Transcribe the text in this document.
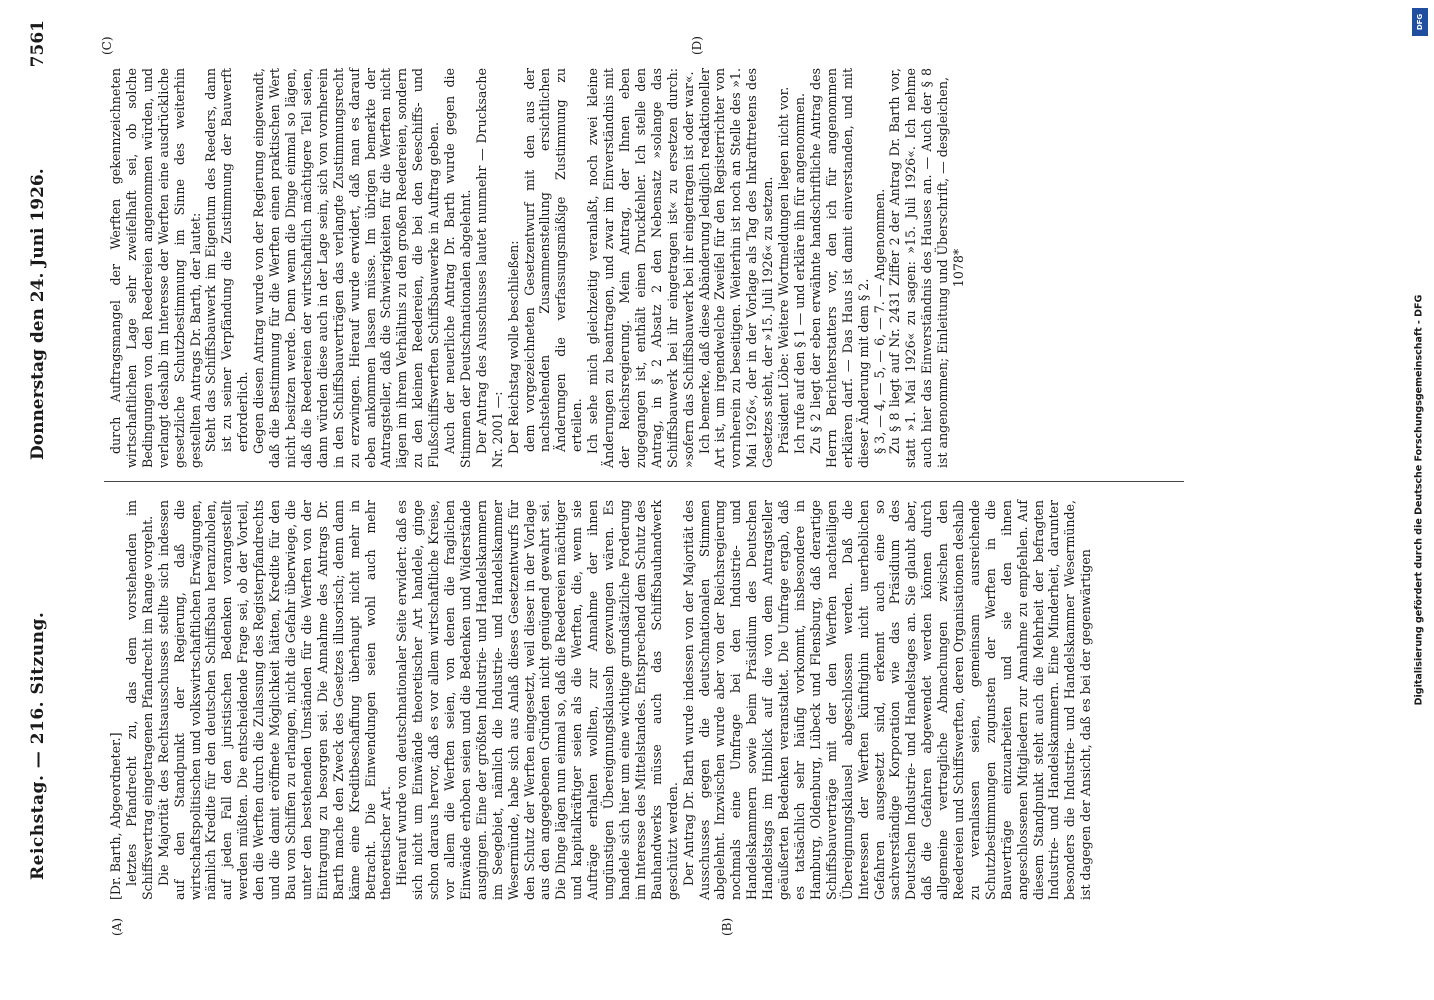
Reichstag. — 216. Sitzung.
Donnerstag den 24. Juni 1926.
7561
(A)	(B)
(C)	(D)

[Dr. Barth, Abgeordneter.] letztes Pfandrecht zu, das dem vorstehenden im Schiffsvertrag eingetragenen Pfandrecht im Range vorgeht. Die Majorität des Rechtsausschusses stellte sich indessen auf den Standpunkt der Regierung, daß die wirtschaftspolitischen und volkswirtschaftlichen Erwägungen, nämlich Kredite für den deutschen Schiffsbau heranzuholen, auf jeden Fall den juristischen Bedenken vorangestellt werden müßten. Die entscheidende Frage sei, ob der Vorteil, den die Werften durch die Zulassung des Registerpfandrechts und die damit eröffnete Möglichkeit hätten, Kredite für den Bau von Schiffen zu erlangen, nicht die Gefahr überwiege, die unter den bestehenden Umständen für die Werften von der Eintragung zu besorgen sei. Die Annahme des Antrags Dr. Barth mache den Zweck des Gesetzes illusorisch; denn dann käme eine Kreditbeschaffung überhaupt nicht mehr in Betracht. Die Einwendungen seien wohl auch mehr theoretischer Art. Hierauf wurde von deutschnationaler Seite erwidert: daß es sich nicht um Einwände theoretischer Art handele, ginge schon daraus hervor, daß es vor allem wirtschaftliche Kreise, vor allem die Werften seien, von denen die fraglichen Einwände erhoben seien und die Bedenken und Widerstände ausgingen. Eine der größten Industrie- und Handelskammern im Seegebiet, nämlich die Industrie- und Handelskammer Wesermünde, habe sich aus Anlaß dieses Gesetzentwurfs für den Schutz der Werften eingesetzt, weil dieser in der Vorlage aus den angegebenen Gründen nicht genügend gewahrt sei. Die Dinge lägen nun einmal so, daß die Reedereien mächtiger und kapitalkräftiger seien als die Werften, die, wenn sie Aufträge erhalten wollten, zur Annahme der ihnen ungünstigen Übereignungsklauseln gezwungen wären. Es handele sich hier um eine wichtige grundsätzliche Forderung im Interesse des Mittelstandes. Entsprechend dem Schutz des Bauhandwerks müsse auch das Schiffsbauhandwerk geschützt werden. Der Antrag Dr. Barth wurde indessen von der Majorität des Ausschusses gegen die deutschnationalen Stimmen abgelehnt. Inzwischen wurde aber von der Reichsregierung nochmals eine Umfrage bei den Industrie- und Handelskammern sowie beim Präsidium des Deutschen Handelstags im Hinblick auf die von dem Antragsteller geäußerten Bedenken veranstaltet. Die Umfrage ergab, daß es tatsächlich sehr häufig vorkommt, insbesondere in Hamburg, Oldenburg, Lübeck und Flensburg, daß derartige Schiffsbauverträge mit der den Werften nachteiligen Übereignungsklausel abgeschlossen werden. Daß die Interessen der Werften künftighin nicht unerheblichen Gefahren ausgesetzt sind, erkennt auch eine so sachverständige Korporation wie das Präsidium des Deutschen Industrie- und Handelstages an. Sie glaubt aber, daß die Gefahren abgewendet werden können durch allgemeine vertragliche Abmachungen zwischen den Reedereien und Schiffswerften, deren Organisationen deshalb zu veranlassen seien, gemeinsam ausreichende Schutzbestimmungen zugunsten der Werften in die Bauverträge einzuarbeiten und sie den ihnen angeschlossenen Mitgliedern zur Annahme zu empfehlen. Auf diesem Standpunkt steht auch die Mehrheit der befragten Industrie- und Handelskammern. Eine Minderheit, darunter besonders die Industrie- und Handelskammer Wesermünde, ist dagegen der Ansicht, daß es bei der gegenwärtigen

durch Auftragsmangel der Werften gekennzeichneten wirtschaftlichen Lage sehr zweifelhaft sei, ob solche Bedingungen von den Reedereien angenommen würden, und verlangt deshalb im Interesse der Werften eine ausdrückliche gesetzliche Schutzbestimmung im Sinne des weiterhin gestellten Antrags Dr. Barth, der lautet: Steht das Schiffsbauwerk im Eigentum des Reeders, dann ist zu seiner Verpfändung die Zustimmung der Bauwerft erforderlich. Gegen diesen Antrag wurde von der Regierung eingewandt, daß die Bestimmung für die Werften einen praktischen Wert nicht besitzen werde. Denn wenn die Dinge einmal so lägen, daß die Reedereien der wirtschaftlich mächtigere Teil seien, dann würden diese auch in der Lage sein, sich von vornherein in den Schiffsbauverträgen das verlangte Zustimmungsrecht zu erzwingen. Hierauf wurde erwidert, daß man es darauf eben ankommen lassen müsse. Im übrigen bemerkte der Antragsteller, daß die Schwierigkeiten für die Werften nicht lägen im ihrem Verhältnis zu den großen Reedereien, sondern zu den kleinen Reedereien, die bei den Seeschiffs- und Flußschiffswerften Schiffsbauwerke in Auftrag geben. Auch der neuerliche Antrag Dr. Barth wurde gegen die Stimmen der Deutschnationalen abgelehnt. Der Antrag des Ausschusses lautet nunmehr — Drucksache Nr. 2001 —: Der Reichstag wolle beschließen: dem vorgezeichneten Gesetzentwurf mit den aus der nachstehenden Zusammenstellung ersichtlichen Änderungen die verfassungsmäßige Zustimmung zu erteilen. Ich sehe mich gleichzeitig veranlaßt, noch zwei kleine Änderungen zu beantragen, und zwar im Einverständnis mit der Reichsregierung. Mein Antrag, der Ihnen eben zugegangen ist, enthält einen Druckfehler. Ich stelle den Antrag, in § 2 Absatz 2 den Nebensatz »solange das Schiffsbauwerk bei ihr eingetragen ist« zu ersetzen durch: »sofern das Schiffsbauwerk bei ihr eingetragen ist oder war«. Ich bemerke, daß diese Abänderung lediglich redaktioneller Art ist, um irgendwelche Zweifel für den Registerrichter von vornherein zu beseitigen. Weiterhin ist noch an Stelle des »1. Mai 1926«, der in der Vorlage als Tag des Inkrafttretens des Gesetzes steht, der »15. Juli 1926« zu setzen. Präsident Löbe: Weitere Wortmeldungen liegen nicht vor. Ich rufe auf den § 1 — und erkläre ihn für angenommen. Zu § 2 liegt der eben erwähnte handschriftliche Antrag des Herrn Berichterstatters vor, den ich für angenommen erklären darf. — Das Haus ist damit einverstanden, und mit dieser Änderung mit dem § 2. § 3, — 4, — 5, — 6, — 7. — Angenommen. Zu § 8 liegt auf Nr. 2431 Ziffer 2 der Antrag Dr. Barth vor, statt »1. Mai 1926« zu sagen: »15. Juli 1926«. Ich nehme auch hier das Einverständnis des Hauses an. — Auch der § 8 ist angenommen; Einleitung und Überschrift, — desgleichen, 1078*

Digitalisierung gefördert durch die Deutsche Forschungsgemeinschaft - DFG
DFG
